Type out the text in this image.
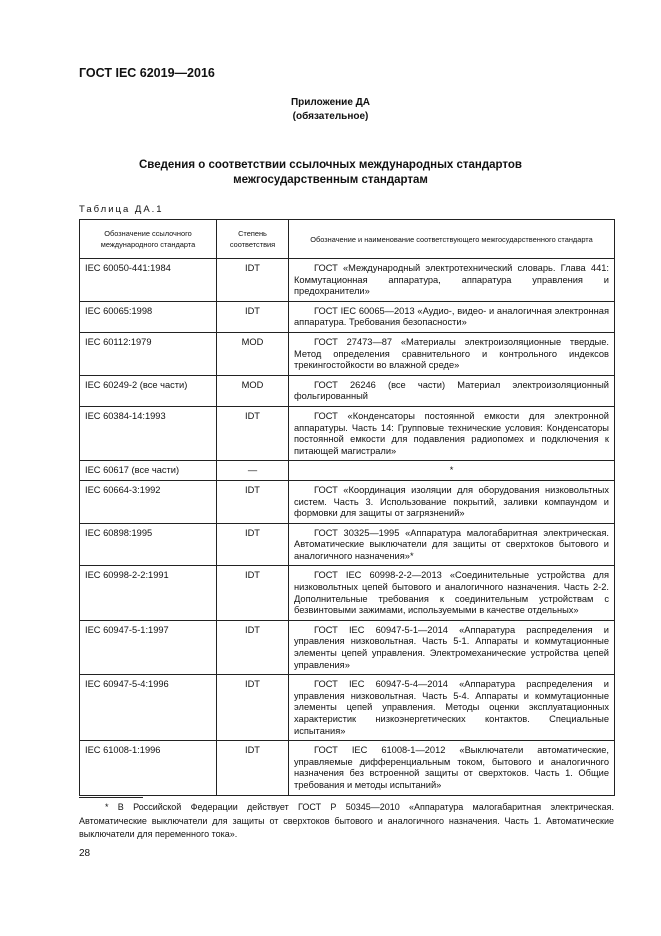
ГОСТ IEC 62019—2016
Приложение ДА
(обязательное)
Сведения о соответствии ссылочных международных стандартов
межгосударственным стандартам
Таблица ДА.1
Обозначение ссылочного международного стандарта	Степень соответствия	Обозначение и наименование соответствующего межгосударственного стандарта
IEC 60050-441:1984	IDT	ГОСТ «Международный электротехнический словарь. Глава 441: Коммутационная аппаратура, аппаратура управления и предохранители»

IEC 60065:1998	IDT	ГОСТ IEC 60065—2013 «Аудио-, видео- и аналогичная электронная аппаратура. Требования безопасности»

IEC 60112:1979	MOD	ГОСТ 27473—87 «Материалы электроизоляционные твердые. Метод определения сравнительного и контрольного индексов трекингостойкости во влажной среде»

IEC 60249-2 (все части)	MOD	ГОСТ 26246 (все части) Материал электроизоляционный фольгированный

IEC 60384-14:1993	IDT	ГОСТ «Конденсаторы постоянной емкости для электронной аппаратуры. Часть 14: Групповые технические условия: Конденсаторы постоянной емкости для подавления радиопомех и подключения к питающей магистрали»

IEC 60617 (все части)	—	*
IEC 60664-3:1992	IDT	ГОСТ «Координация изоляции для оборудования низковольтных систем. Часть 3. Использование покрытий, заливки компаундом и формовки для защиты от загрязнений»

IEC 60898:1995	IDT	ГОСТ 30325—1995 «Аппаратура малогабаритная электрическая. Автоматические выключатели для защиты от сверхтоков бытового и аналогичного назначения»*

IEC 60998-2-2:1991	IDT	ГОСТ IEC 60998-2-2—2013 «Соединительные устройства для низковольтных цепей бытового и аналогичного назначения. Часть 2-2. Дополнительные требования к соединительным устройствам с безвинтовыми зажимами, используемыми в качестве отдельных»

IEC 60947-5-1:1997	IDT	ГОСТ IEC 60947-5-1—2014 «Аппаратура распределения и управления низковольтная. Часть 5-1. Аппараты и коммутационные элементы цепей управления. Электромеханические устройства цепей управления»

IEC 60947-5-4:1996	IDT	ГОСТ IEC 60947-5-4—2014 «Аппаратура распределения и управления низковольтная. Часть 5-4. Аппараты и коммутационные элементы цепей управления. Методы оценки эксплуатационных характеристик низкоэнергетических контактов. Специальные испытания»

IEC 61008-1:1996	IDT	ГОСТ IEC 61008-1—2012 «Выключатели автоматические, управляемые дифференциальным током, бытового и аналогичного назначения без встроенной защиты от сверхтоков. Часть 1. Общие требования и методы испытаний»
* В Российской Федерации действует ГОСТ Р 50345—2010 «Аппаратура малогабаритная электрическая. Автоматические выключатели для защиты от сверхтоков бытового и аналогичного назначения. Часть 1. Автоматические выключатели для переменного тока».
28
